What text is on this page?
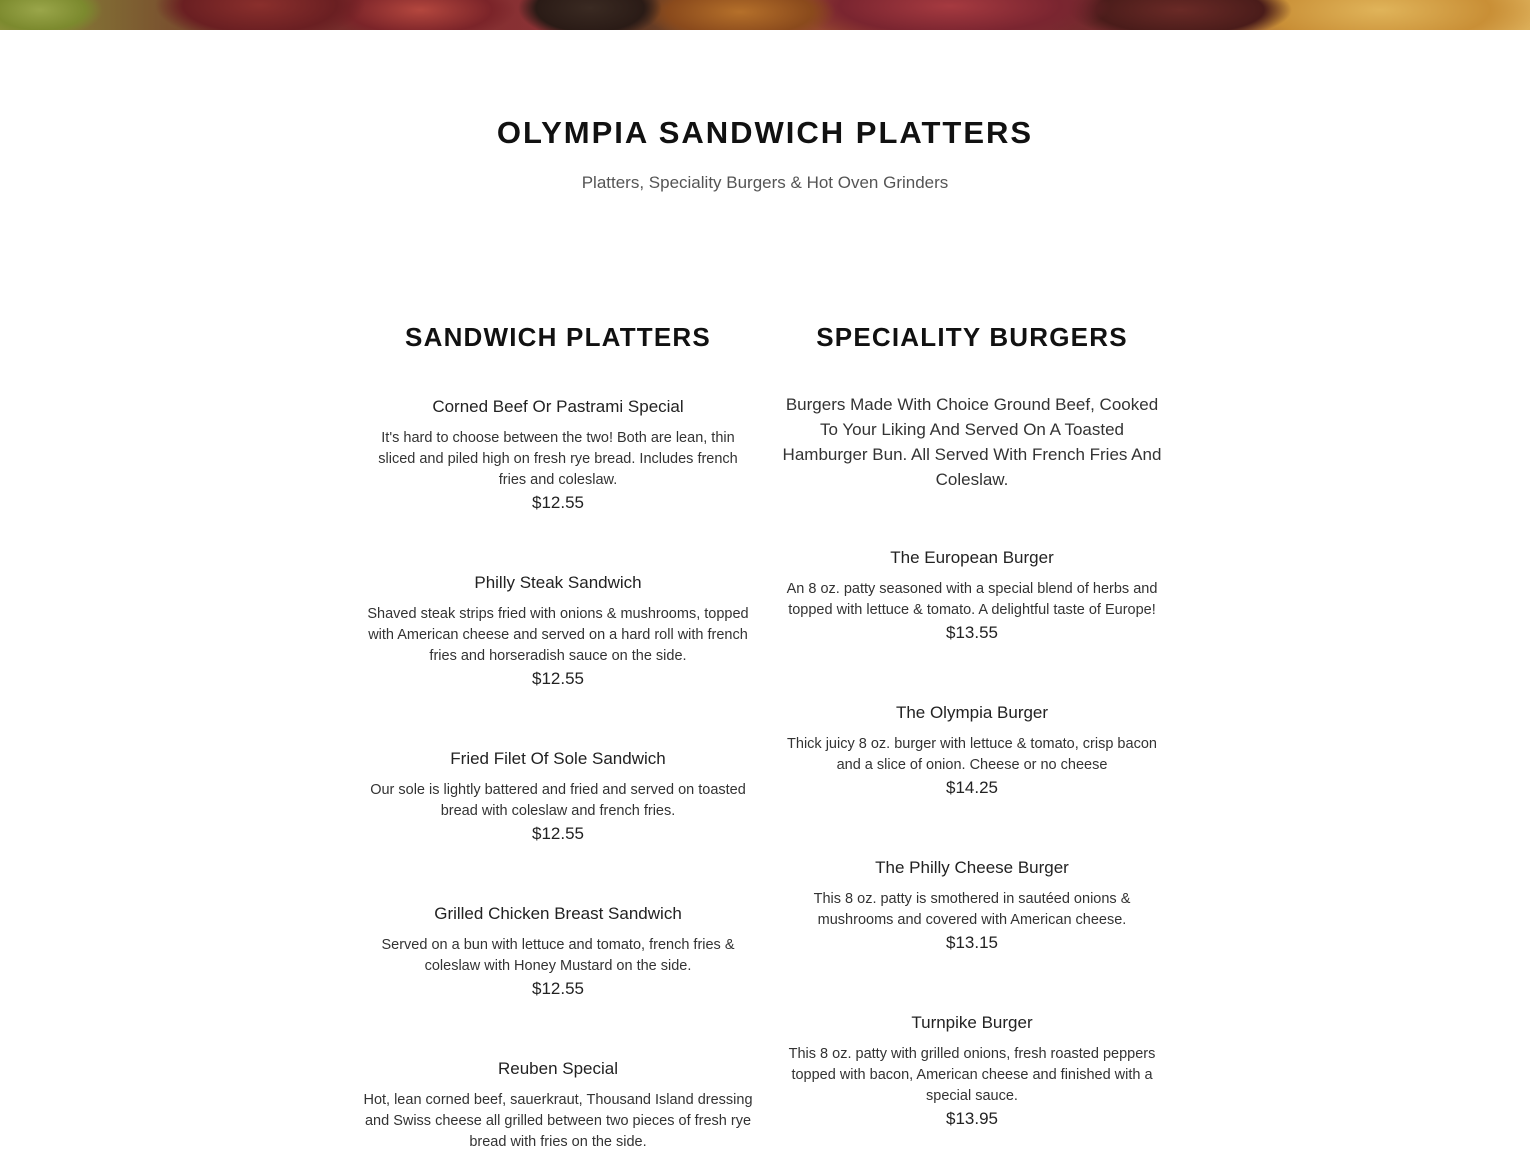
OLYMPIA SANDWICH PLATTERS

Platters, Speciality Burgers & Hot Oven Grinders

SANDWICH PLATTERS

Corned Beef Or Pastrami Special

It's hard to choose between the two! Both are lean, thin sliced and piled high on fresh rye bread. Includes french fries and coleslaw.

$12.55

Philly Steak Sandwich

Shaved steak strips fried with onions & mushrooms, topped with American cheese and served on a hard roll with french fries and horseradish sauce on the side.

$12.55

Fried Filet Of Sole Sandwich

Our sole is lightly battered and fried and served on toasted bread with coleslaw and french fries.

$12.55

Grilled Chicken Breast Sandwich

Served on a bun with lettuce and tomato, french fries & coleslaw with Honey Mustard on the side.

$12.55

Reuben Special

Hot, lean corned beef, sauerkraut, Thousand Island dressing and Swiss cheese all grilled between two pieces of fresh rye bread with fries on the side.

SPECIALITY BURGERS

Burgers Made With Choice Ground Beef, Cooked To Your Liking And Served On A Toasted Hamburger Bun. All Served With French Fries And Coleslaw.

The European Burger

An 8 oz. patty seasoned with a special blend of herbs and topped with lettuce & tomato. A delightful taste of Europe!

$13.55

The Olympia Burger

Thick juicy 8 oz. burger with lettuce & tomato, crisp bacon and a slice of onion. Cheese or no cheese

$14.25

The Philly Cheese Burger

This 8 oz. patty is smothered in sautéed onions & mushrooms and covered with American cheese.

$13.15

Turnpike Burger

This 8 oz. patty with grilled onions, fresh roasted peppers topped with bacon, American cheese and finished with a special sauce.

$13.95
